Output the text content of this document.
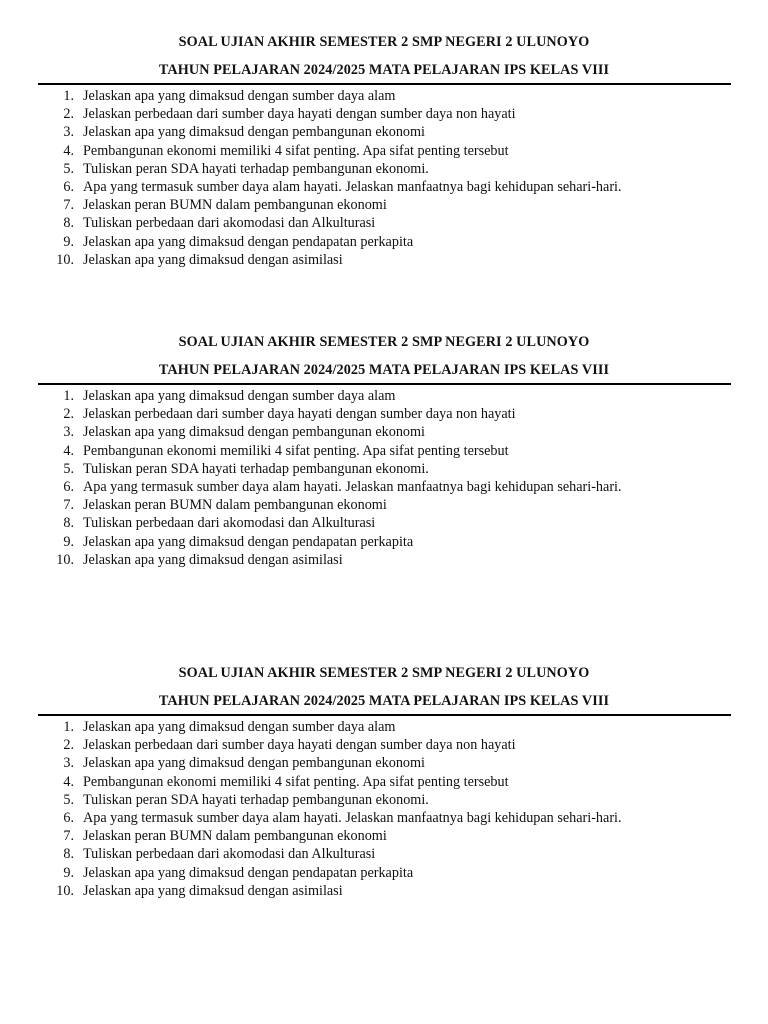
SOAL UJIAN AKHIR SEMESTER 2 SMP NEGERI 2 ULUNOYO

TAHUN PELAJARAN 2024/2025 MATA PELAJARAN IPS KELAS VIII

1. Jelaskan apa yang dimaksud dengan sumber daya alam
2. Jelaskan perbedaan dari sumber daya hayati dengan sumber daya non hayati
3. Jelaskan apa yang dimaksud dengan pembangunan ekonomi
4. Pembangunan ekonomi memiliki 4 sifat penting. Apa sifat penting tersebut
5. Tuliskan peran SDA hayati terhadap pembangunan ekonomi.
6. Apa yang termasuk sumber daya alam hayati. Jelaskan manfaatnya bagi kehidupan sehari-hari.
7. Jelaskan peran BUMN dalam pembangunan ekonomi
8. Tuliskan perbedaan dari akomodasi dan Alkulturasi
9. Jelaskan apa yang dimaksud dengan pendapatan perkapita
10. Jelaskan apa yang dimaksud dengan asimilasi

SOAL UJIAN AKHIR SEMESTER 2 SMP NEGERI 2 ULUNOYO

TAHUN PELAJARAN 2024/2025 MATA PELAJARAN IPS KELAS VIII

1. Jelaskan apa yang dimaksud dengan sumber daya alam
2. Jelaskan perbedaan dari sumber daya hayati dengan sumber daya non hayati
3. Jelaskan apa yang dimaksud dengan pembangunan ekonomi
4. Pembangunan ekonomi memiliki 4 sifat penting. Apa sifat penting tersebut
5. Tuliskan peran SDA hayati terhadap pembangunan ekonomi.
6. Apa yang termasuk sumber daya alam hayati. Jelaskan manfaatnya bagi kehidupan sehari-hari.
7. Jelaskan peran BUMN dalam pembangunan ekonomi
8. Tuliskan perbedaan dari akomodasi dan Alkulturasi
9. Jelaskan apa yang dimaksud dengan pendapatan perkapita
10. Jelaskan apa yang dimaksud dengan asimilasi

SOAL UJIAN AKHIR SEMESTER 2 SMP NEGERI 2 ULUNOYO

TAHUN PELAJARAN 2024/2025 MATA PELAJARAN IPS KELAS VIII

1. Jelaskan apa yang dimaksud dengan sumber daya alam
2. Jelaskan perbedaan dari sumber daya hayati dengan sumber daya non hayati
3. Jelaskan apa yang dimaksud dengan pembangunan ekonomi
4. Pembangunan ekonomi memiliki 4 sifat penting. Apa sifat penting tersebut
5. Tuliskan peran SDA hayati terhadap pembangunan ekonomi.
6. Apa yang termasuk sumber daya alam hayati. Jelaskan manfaatnya bagi kehidupan sehari-hari.
7. Jelaskan peran BUMN dalam pembangunan ekonomi
8. Tuliskan perbedaan dari akomodasi dan Alkulturasi
9. Jelaskan apa yang dimaksud dengan pendapatan perkapita
10. Jelaskan apa yang dimaksud dengan asimilasi
